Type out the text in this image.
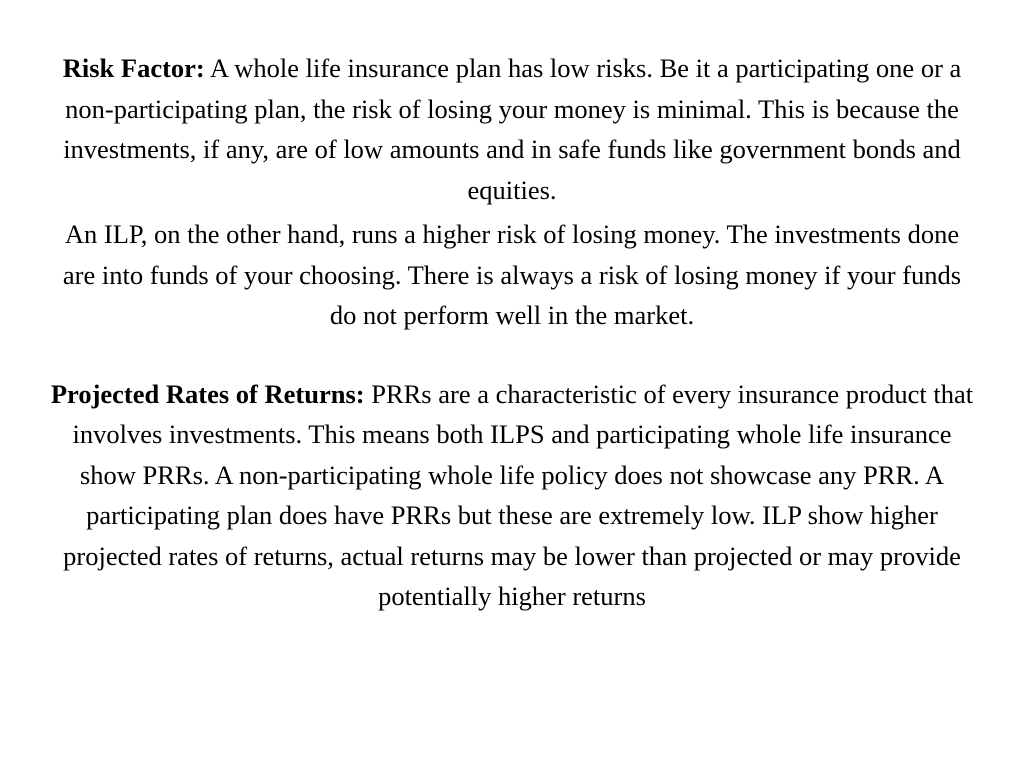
Risk Factor: A whole life insurance plan has low risks. Be it a participating one or a non-participating plan, the risk of losing your money is minimal. This is because the investments, if any, are of low amounts and in safe funds like government bonds and equities.

An ILP, on the other hand, runs a higher risk of losing money. The investments done are into funds of your choosing. There is always a risk of losing money if your funds do not perform well in the market.

Projected Rates of Returns: PRRs are a characteristic of every insurance product that involves investments. This means both ILPS and participating whole life insurance show PRRs. A non-participating whole life policy does not showcase any PRR. A participating plan does have PRRs but these are extremely low. ILP show higher projected rates of returns, actual returns may be lower than projected or may provide potentially higher returns
